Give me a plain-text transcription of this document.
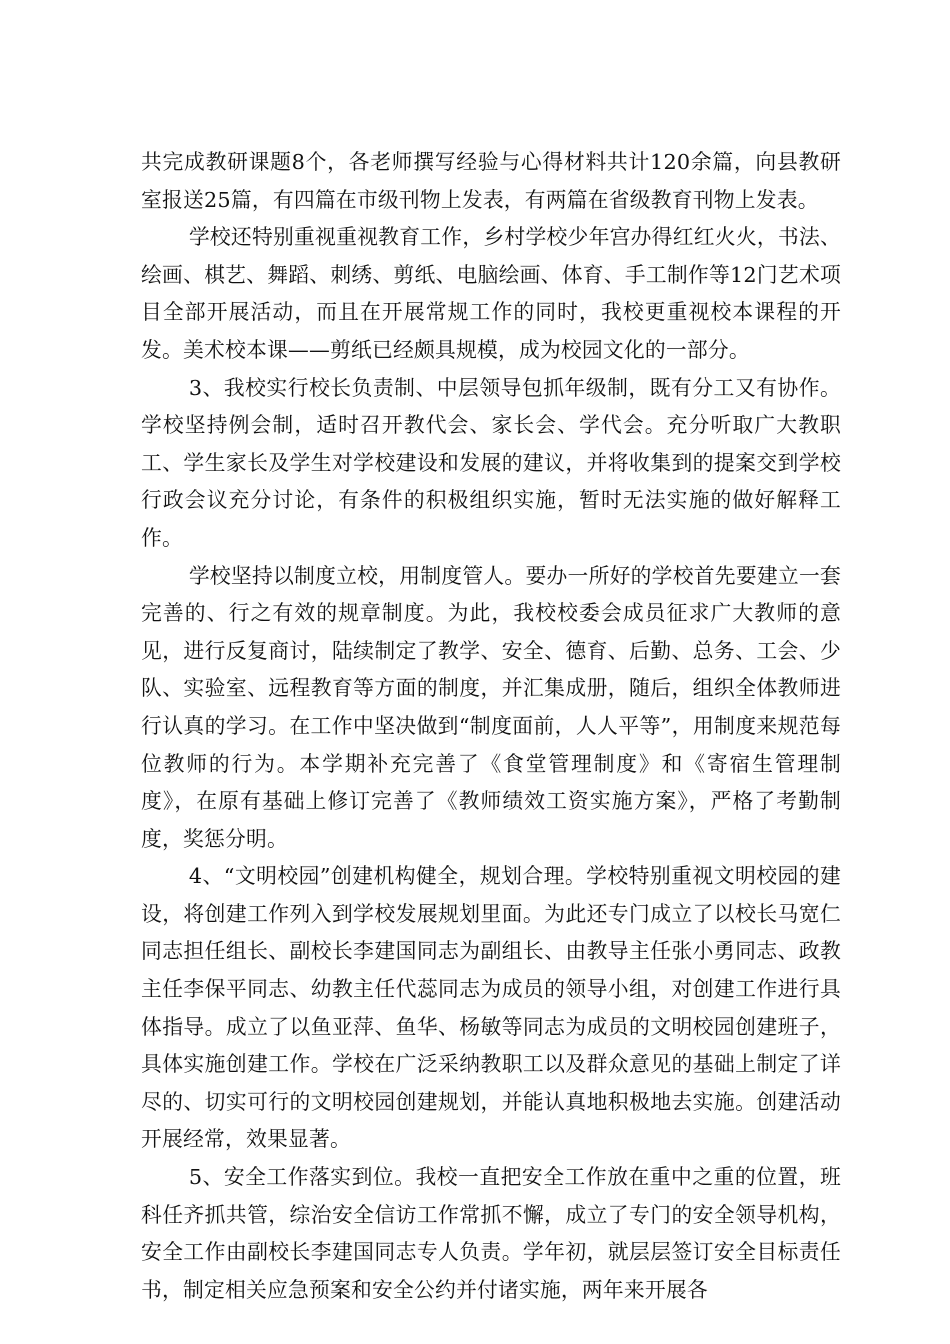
共完成教研课题8个，各老师撰写经验与心得材料共计120余篇，向县教研室报送25篇，有四篇在市级刊物上发表，有两篇在省级教育刊物上发表。

学校还特别重视重视教育工作，乡村学校少年宫办得红红火火，书法、绘画、棋艺、舞蹈、刺绣、剪纸、电脑绘画、体育、手工制作等12门艺术项目全部开展活动，而且在开展常规工作的同时，我校更重视校本课程的开发。美术校本课——剪纸已经颇具规模，成为校园文化的一部分。

3、我校实行校长负责制、中层领导包抓年级制，既有分工又有协作。学校坚持例会制，适时召开教代会、家长会、学代会。充分听取广大教职工、学生家长及学生对学校建设和发展的建议，并将收集到的提案交到学校行政会议充分讨论，有条件的积极组织实施，暂时无法实施的做好解释工作。

学校坚持以制度立校，用制度管人。要办一所好的学校首先要建立一套完善的、行之有效的规章制度。为此，我校校委会成员征求广大教师的意见，进行反复商讨，陆续制定了教学、安全、德育、后勤、总务、工会、少队、实验室、远程教育等方面的制度，并汇集成册，随后，组织全体教师进行认真的学习。在工作中坚决做到“制度面前，人人平等”，用制度来规范每位教师的行为。本学期补充完善了《食堂管理制度》和《寄宿生管理制度》，在原有基础上修订完善了《教师绩效工资实施方案》，严格了考勤制度，奖惩分明。

4、“文明校园”创建机构健全，规划合理。学校特别重视文明校园的建设，将创建工作列入到学校发展规划里面。为此还专门成立了以校长马宽仁同志担任组长、副校长李建国同志为副组长、由教导主任张小勇同志、政教主任李保平同志、幼教主任代蕊同志为成员的领导小组，对创建工作进行具体指导。成立了以鱼亚萍、鱼华、杨敏等同志为成员的文明校园创建班子，具体实施创建工作。学校在广泛采纳教职工以及群众意见的基础上制定了详尽的、切实可行的文明校园创建规划，并能认真地积极地去实施。创建活动开展经常，效果显著。

5、安全工作落实到位。我校一直把安全工作放在重中之重的位置，班科任齐抓共管，综治安全信访工作常抓不懈，成立了专门的安全领导机构，安全工作由副校长李建国同志专人负责。学年初，就层层签订安全目标责任书，制定相关应急预案和安全公约并付诸实施，两年来开展各
